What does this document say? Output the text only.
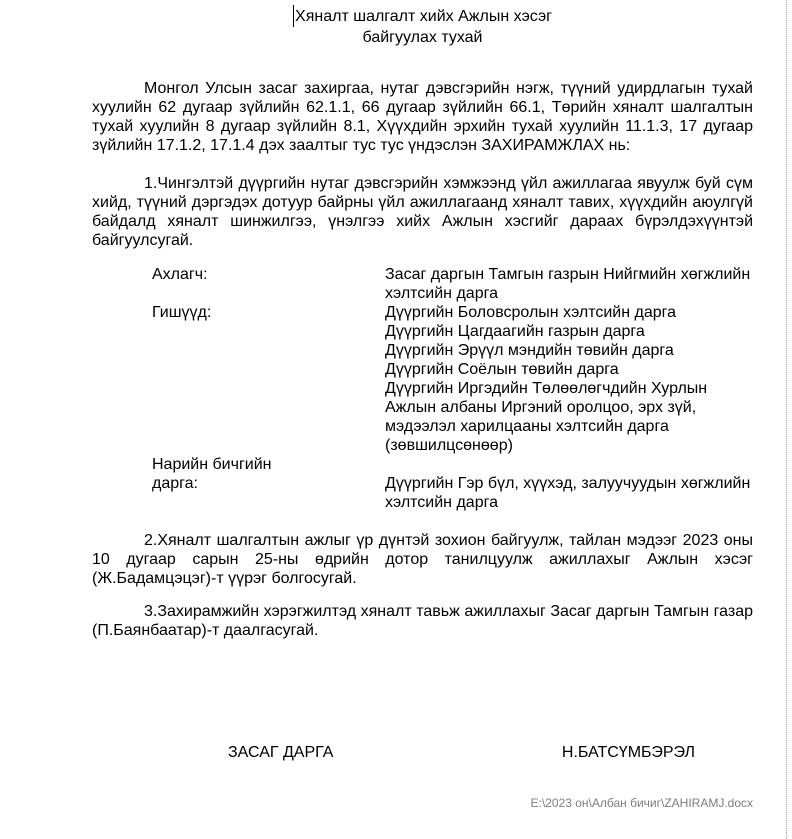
Хяналт шалгалт хийх Ажлын хэсэг
байгуулах тухай

Монгол Улсын засаг захиргаа, нутаг дэвсгэрийн нэгж, түүний удирдлагын тухай хуулийн 62 дугаар зүйлийн 62.1.1, 66 дугаар зүйлийн 66.1, Төрийн хяналт шалгалтын тухай хуулийн 8 дугаар зүйлийн 8.1, Хүүхдийн эрхийн тухай хуулийн 11.1.3, 17 дугаар зүйлийн 17.1.2, 17.1.4 дэх заалтыг тус тус үндэслэн ЗАХИРАМЖЛАХ нь:

1.Чингэлтэй дүүргийн нутаг дэвсгэрийн хэмжээнд үйл ажиллагаа явуулж буй сүм хийд, түүний дэргэдэх дотуур байрны үйл ажиллагаанд хяналт тавих, хүүхдийн аюулгүй байдалд хяналт шинжилгээ, үнэлгээ хийх Ажлын хэсгийг дараах бүрэлдэхүүнтэй байгуулсугай.

Ахлагч:	Засаг даргын Тамгын газрын Нийгмийн хөгжлийн
хэлтсийн дарга
Гишүүд:	Дүүргийн Боловсролын хэлтсийн дарга
Дүүргийн Цагдаагийн газрын дарга
Дүүргийн Эрүүл мэндийн төвийн дарга
Дүүргийн Соёлын төвийн дарга
Дүүргийн Иргэдийн Төлөөлөгчдийн Хурлын
Ажлын албаны Иргэний оролцоо, эрх зүй,
мэдээлэл харилцааны хэлтсийн дарга
(зөвшилцсөнөөр)
Нарийн бичгийн
дарга:	Дүүргийн Гэр бүл, хүүхэд, залуучуудын хөгжлийн
хэлтсийн дарга

2.Хяналт шалгалтын ажлыг үр дүнтэй зохион байгуулж, тайлан мэдээг 2023 оны 10 дугаар сарын 25-ны өдрийн дотор танилцуулж ажиллахыг Ажлын хэсэг (Ж.Бадамцэцэг)-т үүрэг болгосугай.

3.Захирамжийн хэрэгжилтэд хяналт тавьж ажиллахыг Засаг даргын Тамгын газар (П.Баянбаатар)-т даалгасугай.

ЗАСАГ ДАРГА	Н.БАТСҮМБЭРЭЛ
E:\2023 он\Албан бичиг\ZAHIRAMJ.docx
